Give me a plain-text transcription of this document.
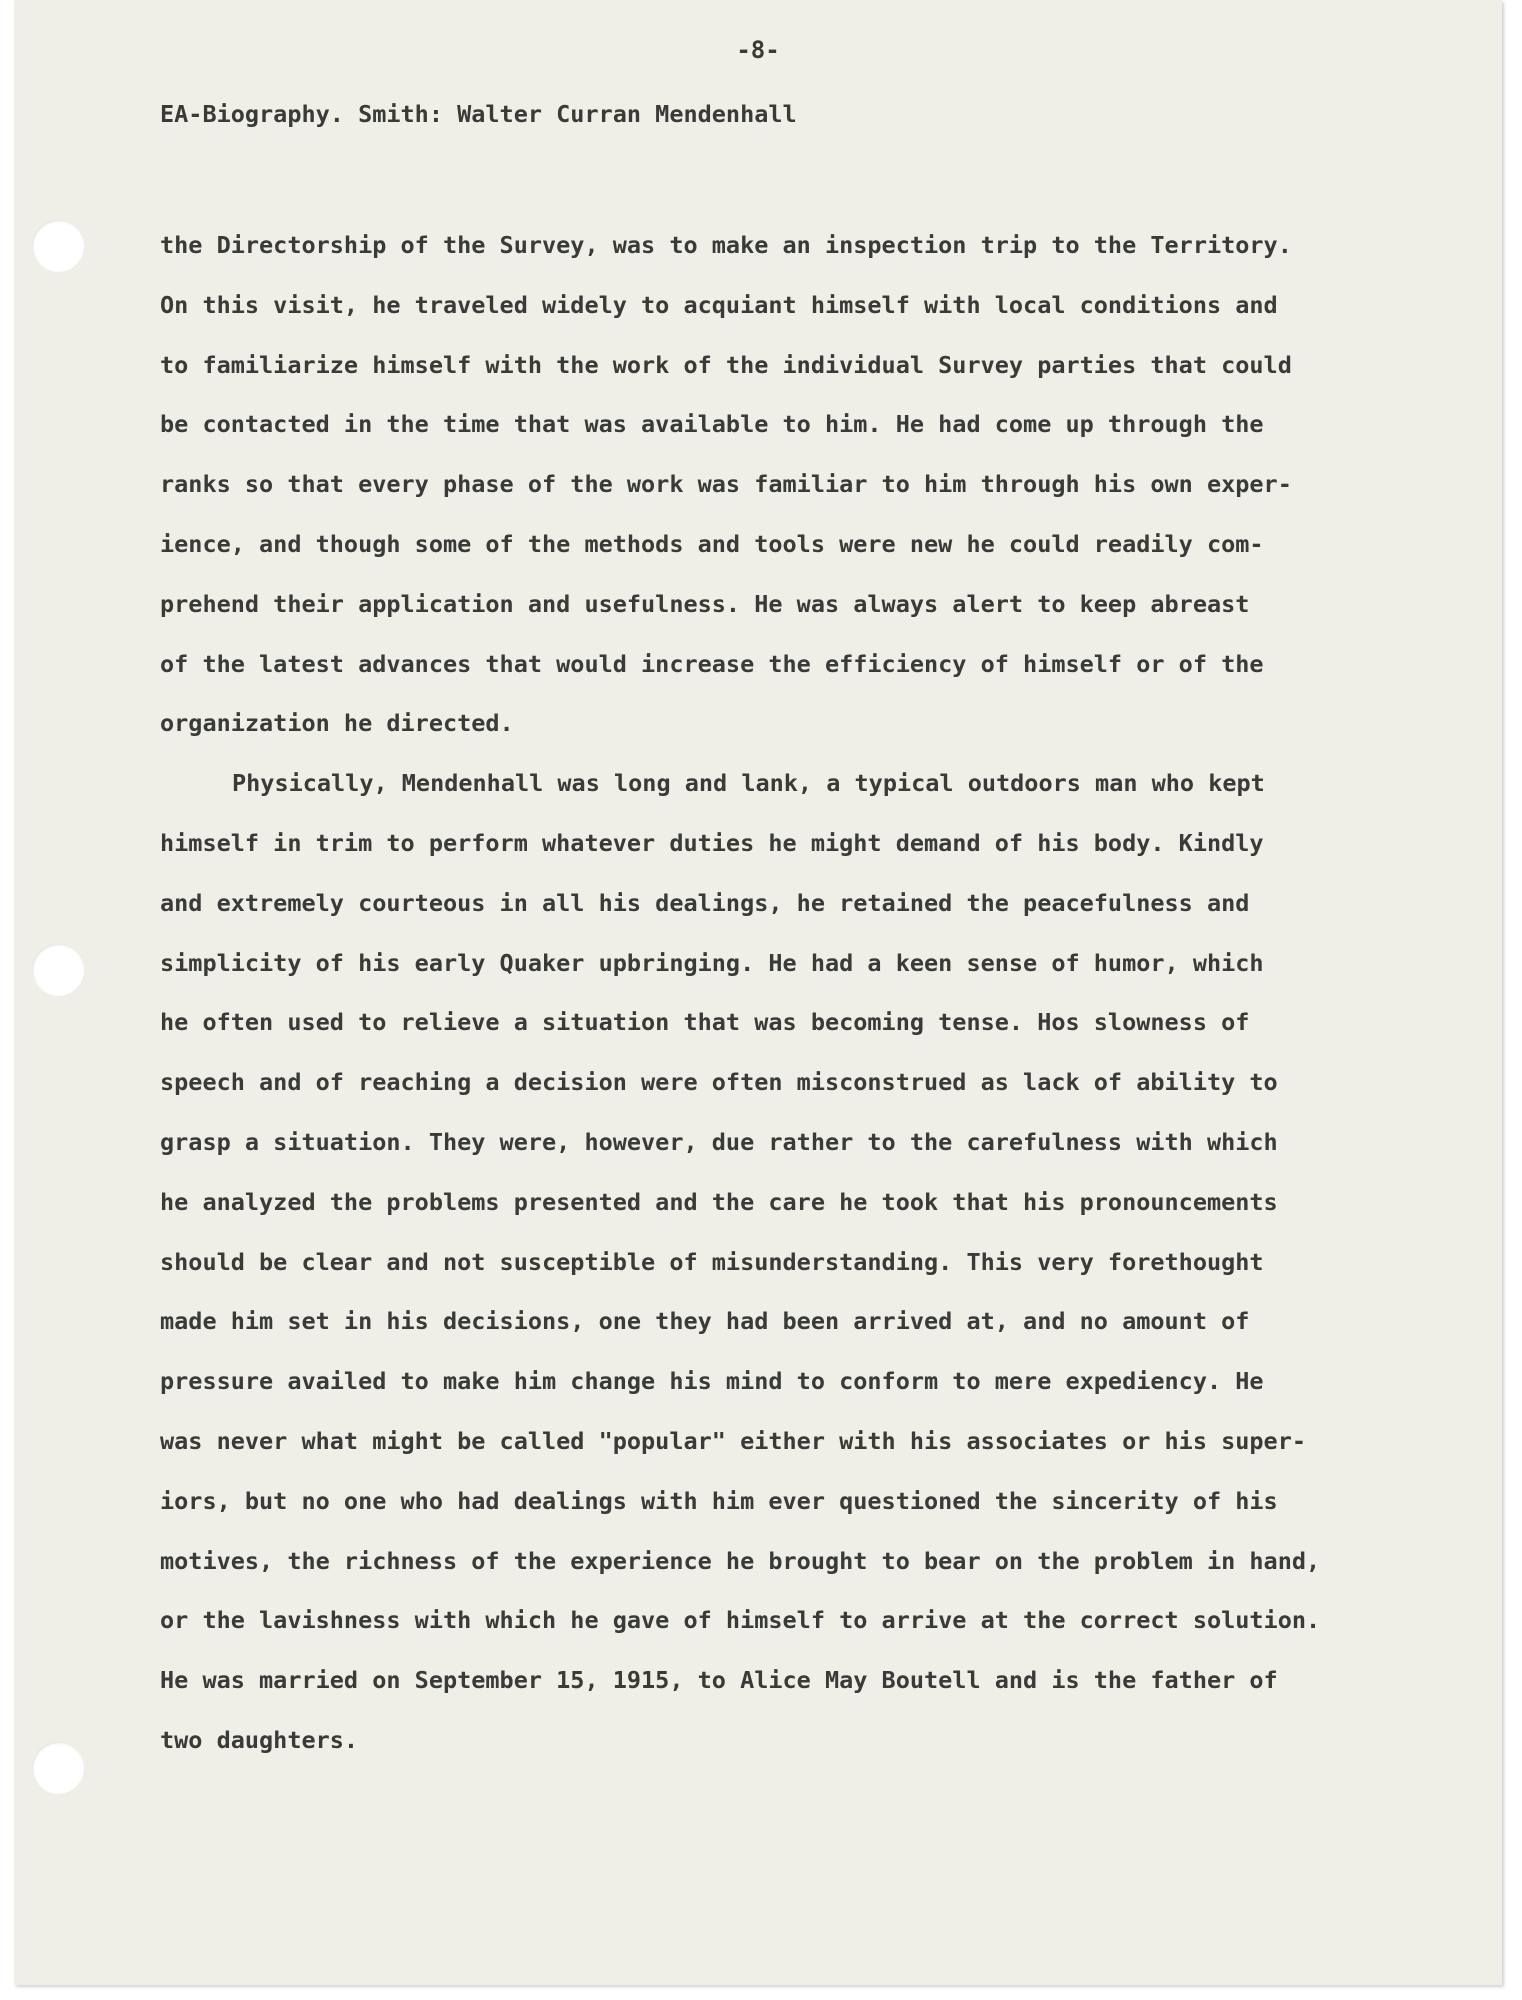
-8-
EA-Biography. Smith: Walter Curran Mendenhall
the Directorship of the Survey, was to make an inspection trip to the Territory.
On this visit, he traveled widely to acquiant himself with local conditions and
to familiarize himself with the work of the individual Survey parties that could
be contacted in the time that was available to him. He had come up through the
ranks so that every phase of the work was familiar to him through his own exper-
ience, and though some of the methods and tools were new he could readily com-
prehend their application and usefulness. He was always alert to keep abreast
of the latest advances that would increase the efficiency of himself or of the
organization he directed.
Physically, Mendenhall was long and lank, a typical outdoors man who kept
himself in trim to perform whatever duties he might demand of his body. Kindly
and extremely courteous in all his dealings, he retained the peacefulness and
simplicity of his early Quaker upbringing. He had a keen sense of humor, which
he often used to relieve a situation that was becoming tense. Hos slowness of
speech and of reaching a decision were often misconstrued as lack of ability to
grasp a situation. They were, however, due rather to the carefulness with which
he analyzed the problems presented and the care he took that his pronouncements
should be clear and not susceptible of misunderstanding. This very forethought
made him set in his decisions, one they had been arrived at, and no amount of
pressure availed to make him change his mind to conform to mere expediency. He
was never what might be called "popular" either with his associates or his super-
iors, but no one who had dealings with him ever questioned the sincerity of his
motives, the richness of the experience he brought to bear on the problem in hand,
or the lavishness with which he gave of himself to arrive at the correct solution.
He was married on September 15, 1915, to Alice May Boutell and is the father of
two daughters.
